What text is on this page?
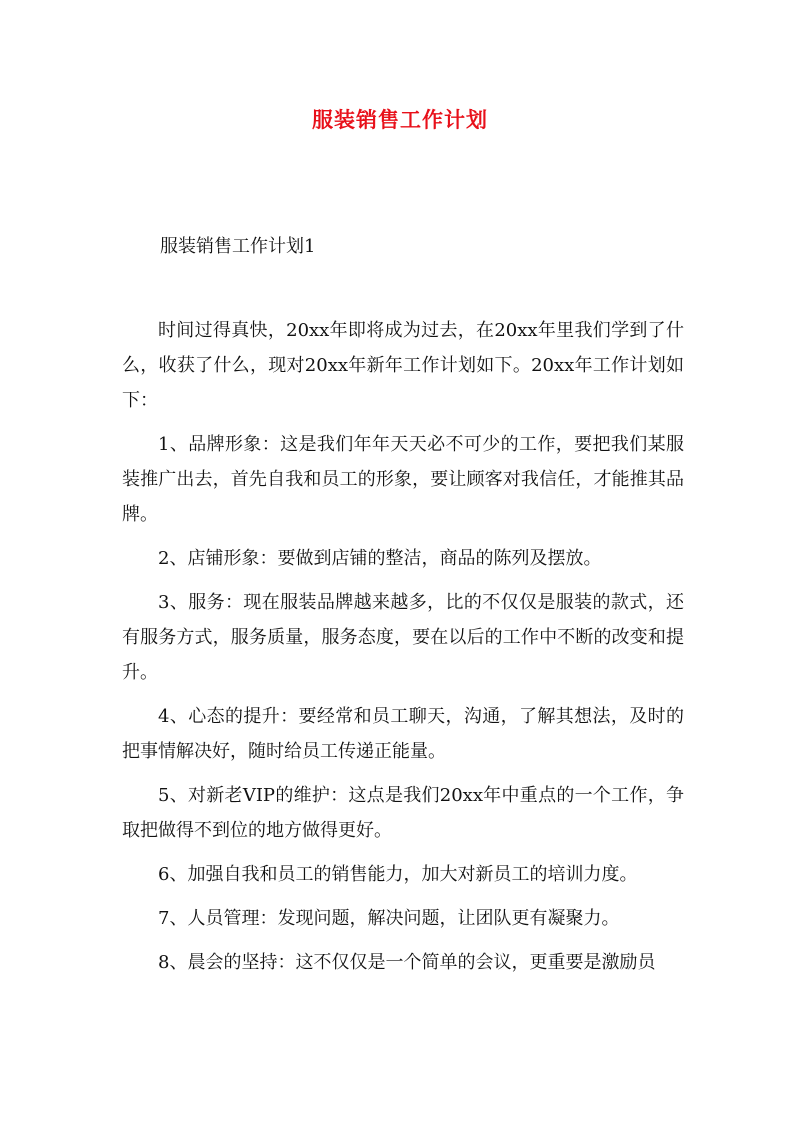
服装销售工作计划
服装销售工作计划1

时间过得真快，20xx年即将成为过去，在20xx年里我们学到了什么，收获了什么，现对20xx年新年工作计划如下。20xx年工作计划如下：

1、品牌形象：这是我们年年天天必不可少的工作，要把我们某服装推广出去，首先自我和员工的形象，要让顾客对我信任，才能推其品牌。

2、店铺形象：要做到店铺的整洁，商品的陈列及摆放。

3、服务：现在服装品牌越来越多，比的不仅仅是服装的款式，还有服务方式，服务质量，服务态度，要在以后的工作中不断的改变和提升。

4、心态的提升：要经常和员工聊天，沟通，了解其想法，及时的把事情解决好，随时给员工传递正能量。

5、对新老VIP的维护：这点是我们20xx年中重点的一个工作，争取把做得不到位的地方做得更好。

6、加强自我和员工的销售能力，加大对新员工的培训力度。

7、人员管理：发现问题，解决问题，让团队更有凝聚力。

8、晨会的坚持：这不仅仅是一个简单的会议，更重要是激励员
